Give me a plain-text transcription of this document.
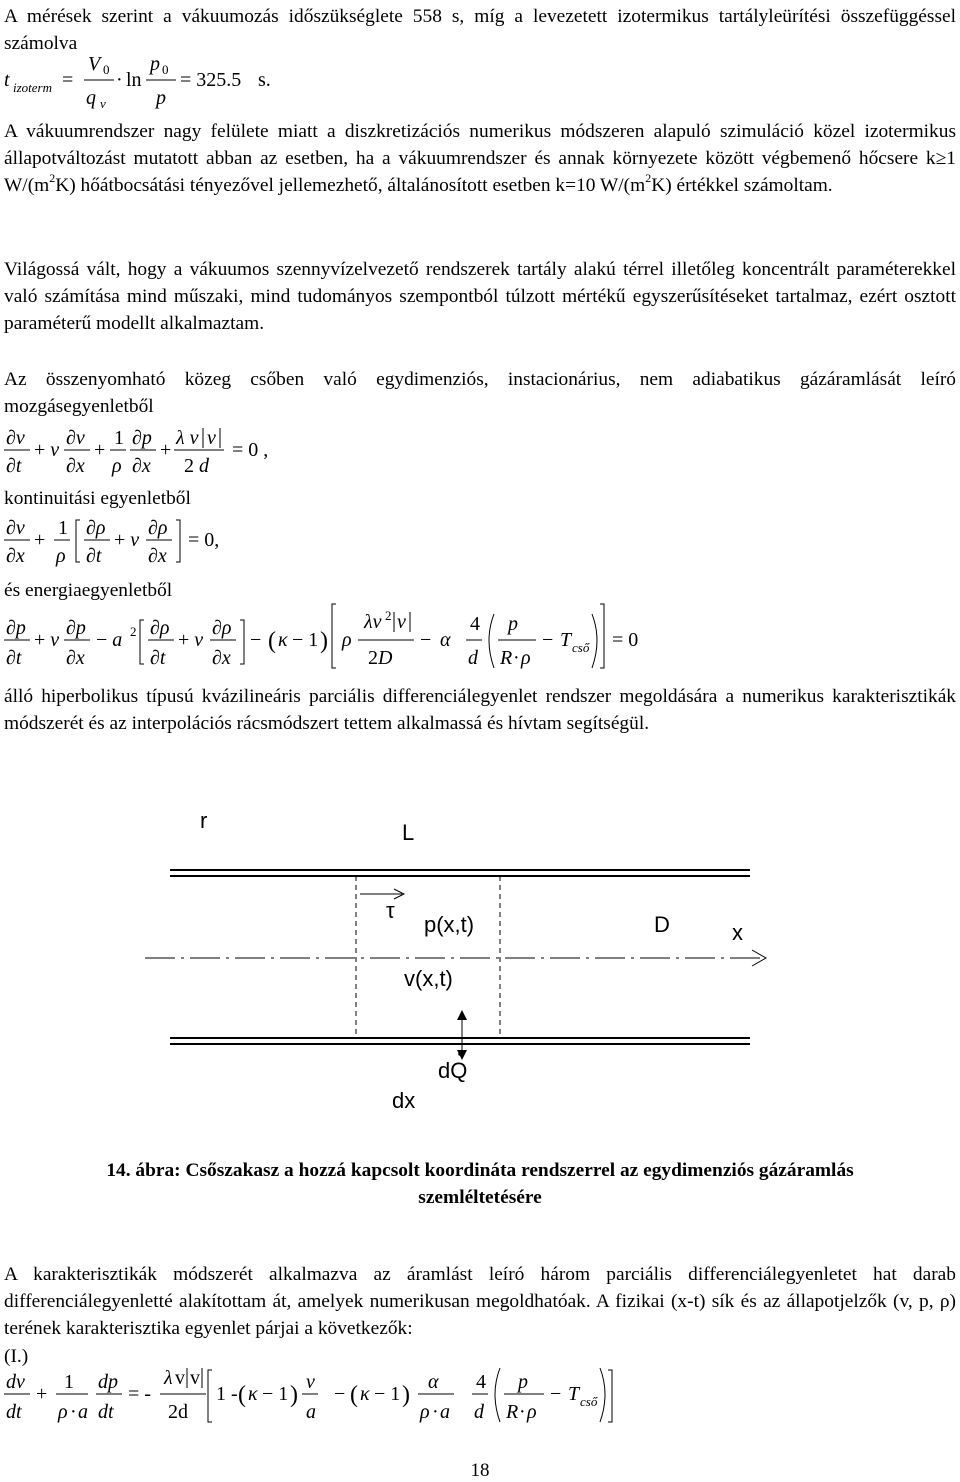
A mérések szerint a vákuumozás időszükséglete 558 s, míg a levezetett izotermikus tartályleürítési összefüggéssel számolva
t izoterm =
V 0
q v
· ln
p 0
p
= 325.5 s.
A vákuumrendszer nagy felülete miatt a diszkretizációs numerikus módszeren alapuló szimuláció közel izotermikus állapotváltozást mutatott abban az esetben, ha a vákuumrendszer és annak környezete között végbemenő hőcsere k≥1 $W/(m^2K)$ hőátbocsátási tényezővel jellemezhető, általánosított esetben k=10 $W/(m^2K)$ értékkel számoltam.
Világossá vált, hogy a vákuumos szennyvízelvezető rendszerek tartály alakú térrel illetőleg koncentrált paraméterekkel való számítása mind műszaki, mind tudományos szempontból túlzott mértékű egyszerűsítéseket tartalmaz, ezért osztott paraméterű modellt alkalmaztam.
Az összenyomható közeg csőben való egydimenziós, instacionárius, nem adiabatikus gázáramlását leíró mozgásegyenletből
∂v
∂t
+ v
∂v
∂x
+
1
ρ
∂p
∂x
+
λ v v
2 d
= 0 ,
kontinuitási egyenletből
∂v
∂x
+
1
ρ
∂ρ
∂t
+ v
∂ρ
∂x
= 0,
és energiaegyenletből
∂p
∂t
+ v
∂p
∂x
− a 2 ∂ρ
∂t
+ v
∂ρ
∂x
− ( κ − 1 ) ρ
λv 2 v
2D
− α
4
d
p
R · ρ
− T cső = 0
álló hiperbolikus típusú kvázilineáris parciális differenciálegyenlet rendszer megoldására a numerikus karakterisztikák módszerét és az interpolációs rácsmódszert tettem alkalmassá és hívtam segítségül.
r	L
τ
p(x,t)	D	x
v(x,t)
dQ
dx
14. ábra: Csőszakasz a hozzá kapcsolt koordináta rendszerrel az egydimenziós gázáramlás
szemléltetésére
A karakterisztikák módszerét alkalmazva az áramlást leíró három parciális differenciálegyenletet hat darab differenciálegyenletté alakítottam át, amelyek numerikusan megoldhatóak. A fizikai (x-t) sík és az állapotjelzők (v, p, ρ) terének karakterisztika egyenlet párjai a következők:
(I.)
dv
dt
+
1
ρ · a
dp
dt
= -
λ v v
2d
1 - ( κ − 1 ) v
a
− ( κ − 1 ) α
ρ · a
4
d
p
R · ρ
− T cső
18
